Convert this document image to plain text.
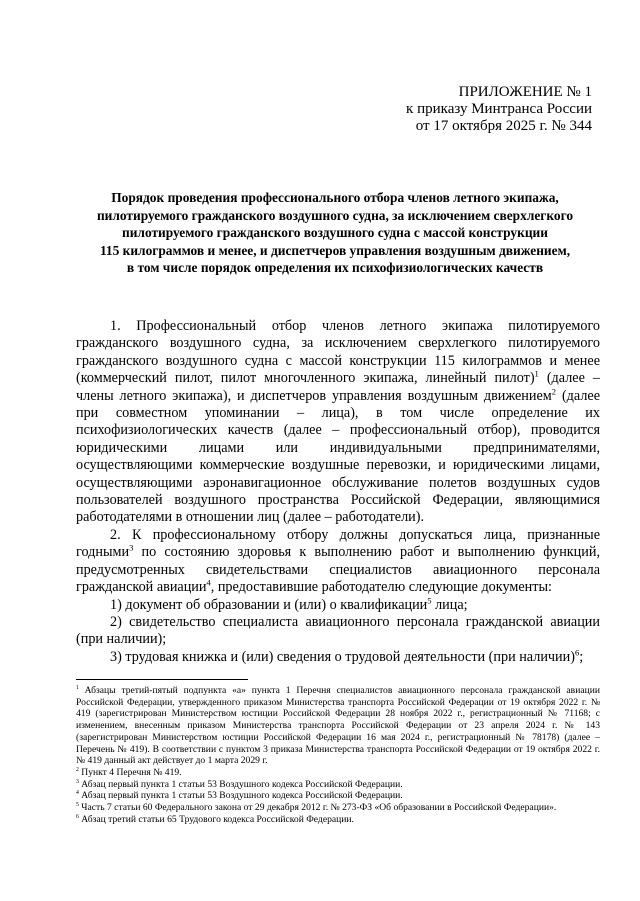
ПРИЛОЖЕНИЕ № 1
к приказу Минтранса России
от 17 октября 2025 г. № 344
Порядок проведения профессионального отбора членов летного экипажа,
пилотируемого гражданского воздушного судна, за исключением сверхлегкого
пилотируемого гражданского воздушного судна с массой конструкции
115 килограммов и менее, и диспетчеров управления воздушным движением,
в том числе порядок определения их психофизиологических качеств

1. Профессиональный отбор членов летного экипажа пилотируемого гражданского воздушного судна, за исключением сверхлегкого пилотируемого гражданского воздушного судна с массой конструкции 115 килограммов и менее (коммерческий пилот, пилот многочленного экипажа, линейный пилот)$^1$ (далее – члены летного экипажа), и диспетчеров управления воздушным движением$^2$ (далее при совместном упоминании – лица), в том числе определение их психофизиологических качеств (далее – профессиональный отбор), проводится юридическими лицами или индивидуальными предпринимателями, осуществляющими коммерческие воздушные перевозки, и юридическими лицами, осуществляющими аэронавигационное обслуживание полетов воздушных судов пользователей воздушного пространства Российской Федерации, являющимися работодателями в отношении лиц (далее – работодатели).

2. К профессиональному отбору должны допускаться лица, признанные годными$^3$ по состоянию здоровья к выполнению работ и выполнению функций, предусмотренных свидетельствами специалистов авиационного персонала гражданской авиации$^4$, предоставившие работодателю следующие документы:

1) документ об образовании и (или) о квалификации$^5$ лица;

2) свидетельство специалиста авиационного персонала гражданской авиации (при наличии);

3) трудовая книжка и (или) сведения о трудовой деятельности (при наличии)$^6$;

$^1$ Абзацы третий-пятый подпункта «а» пункта 1 Перечня специалистов авиационного персонала гражданской авиации Российской Федерации, утвержденного приказом Министерства транспорта Российской Федерации от 19 октября 2022 г. № 419 (зарегистрирован Министерством юстиции Российской Федерации 28 ноября 2022 г., регистрационный № 71168; с изменением, внесенным приказом Министерства транспорта Российской Федерации от 23 апреля 2024 г. № 143 (зарегистрирован Министерством юстиции Российской Федерации 16 мая 2024 г., регистрационный № 78178) (далее – Перечень № 419). В соответствии с пунктом 3 приказа Министерства транспорта Российской Федерации от 19 октября 2022 г. № 419 данный акт действует до 1 марта 2029 г.

$^2$ Пункт 4 Перечня № 419.

$^3$ Абзац первый пункта 1 статьи 53 Воздушного кодекса Российской Федерации.

$^4$ Абзац первый пункта 1 статьи 53 Воздушного кодекса Российской Федерации.

$^5$ Часть 7 статьи 60 Федерального закона от 29 декабря 2012 г. № 273-ФЗ «Об образовании в Российской Федерации».

$^6$ Абзац третий статьи 65 Трудового кодекса Российской Федерации.
